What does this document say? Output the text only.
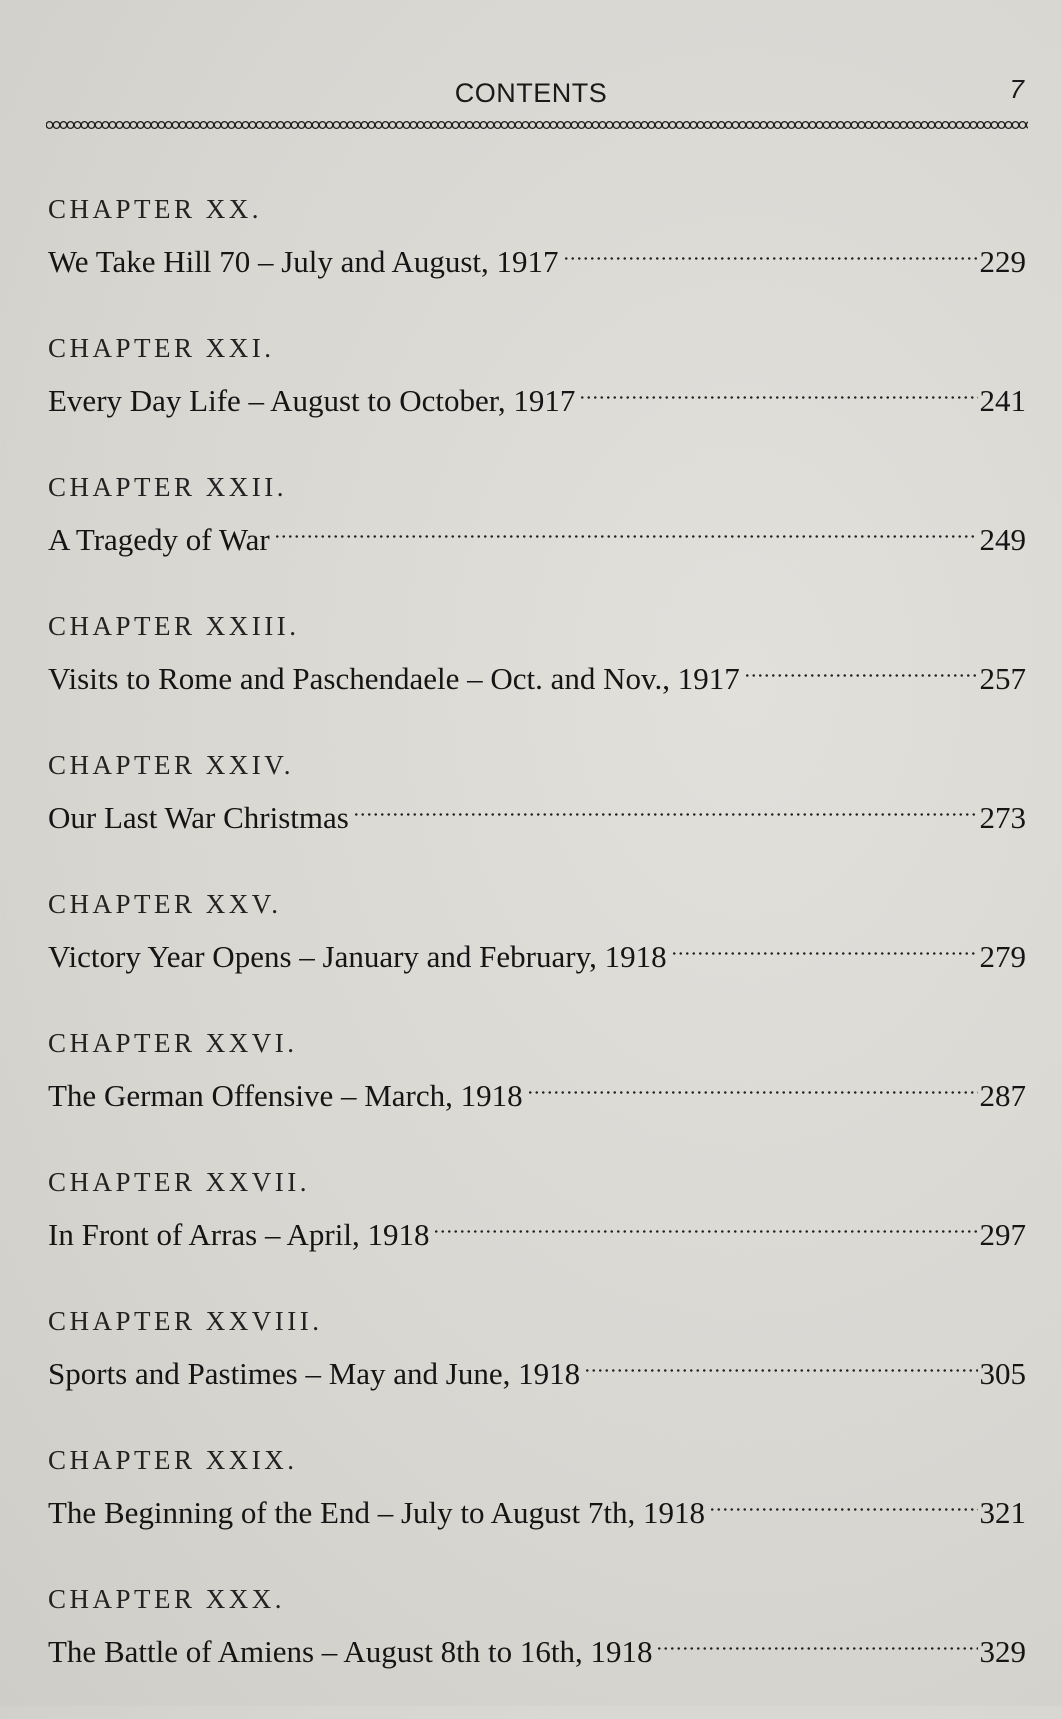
CONTENTS	7
CHAPTER XX.
We Take Hill 70 – July and August, 1917	229
CHAPTER XXI.
Every Day Life – August to October, 1917	241
CHAPTER XXII.
A Tragedy of War	249
CHAPTER XXIII.
Visits to Rome and Paschendaele – Oct. and Nov., 1917	257
CHAPTER XXIV.
Our Last War Christmas	273
CHAPTER XXV.
Victory Year Opens – January and February, 1918	279
CHAPTER XXVI.
The German Offensive – March, 1918	287
CHAPTER XXVII.
In Front of Arras – April, 1918	297
CHAPTER XXVIII.
Sports and Pastimes – May and June, 1918	305
CHAPTER XXIX.
The Beginning of the End – July to August 7th, 1918	321
CHAPTER XXX.
The Battle of Amiens – August 8th to 16th, 1918	329
